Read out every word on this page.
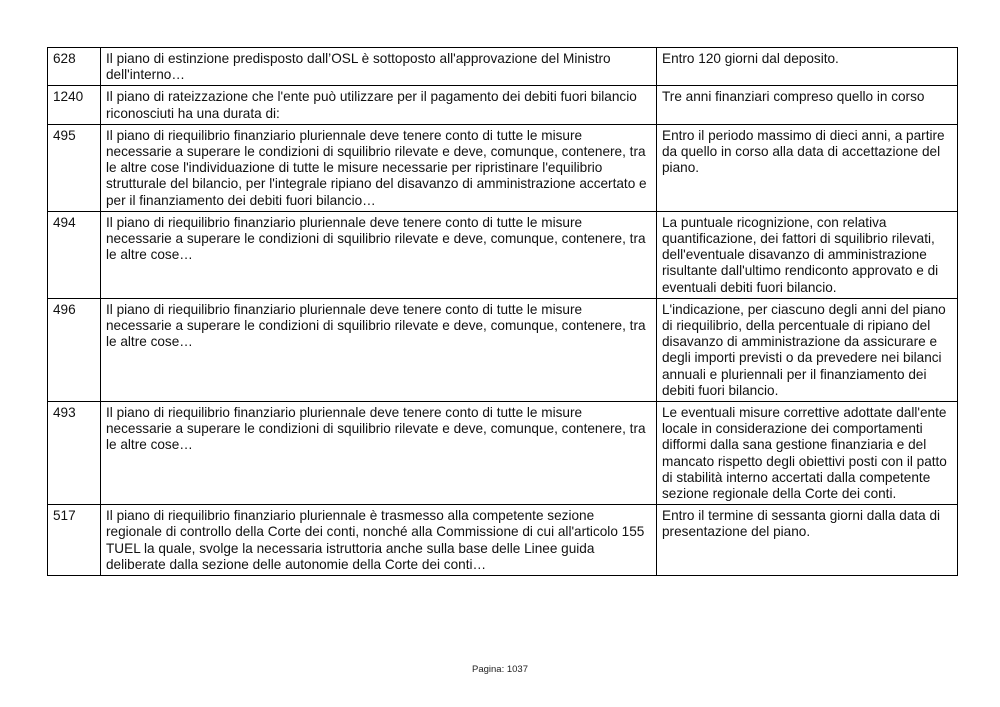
628	Il piano di estinzione predisposto dall’OSL è sottoposto all'approvazione del Ministro dell'interno…	Entro 120 giorni dal deposito.
1240	Il piano di rateizzazione che l'ente può utilizzare per il pagamento dei debiti fuori bilancio riconosciuti ha una durata di:	Tre anni finanziari compreso quello in corso
495	Il piano di riequilibrio finanziario pluriennale deve tenere conto di tutte le misure necessarie a superare le condizioni di squilibrio rilevate e deve, comunque, contenere, tra le altre cose l'individuazione di tutte le misure necessarie per ripristinare l'equilibrio strutturale del bilancio, per l'integrale ripiano del disavanzo di amministrazione accertato e per il finanziamento dei debiti fuori bilancio…	Entro il periodo massimo di dieci anni, a partire da quello in corso alla data di accettazione del piano.
494	Il piano di riequilibrio finanziario pluriennale deve tenere conto di tutte le misure necessarie a superare le condizioni di squilibrio rilevate e deve, comunque, contenere, tra le altre cose…	La puntuale ricognizione, con relativa quantificazione, dei fattori di squilibrio rilevati, dell'eventuale disavanzo di amministrazione risultante dall'ultimo rendiconto approvato e di eventuali debiti fuori bilancio.
496	Il piano di riequilibrio finanziario pluriennale deve tenere conto di tutte le misure necessarie a superare le condizioni di squilibrio rilevate e deve, comunque, contenere, tra le altre cose…	L'indicazione, per ciascuno degli anni del piano di riequilibrio, della percentuale di ripiano del disavanzo di amministrazione da assicurare e degli importi previsti o da prevedere nei bilanci annuali e pluriennali per il finanziamento dei debiti fuori bilancio.
493	Il piano di riequilibrio finanziario pluriennale deve tenere conto di tutte le misure necessarie a superare le condizioni di squilibrio rilevate e deve, comunque, contenere, tra le altre cose…	Le eventuali misure correttive adottate dall'ente locale in considerazione dei comportamenti difformi dalla sana gestione finanziaria e del mancato rispetto degli obiettivi posti con il patto di stabilità interno accertati dalla competente sezione regionale della Corte dei conti.
517	Il piano di riequilibrio finanziario pluriennale è trasmesso alla competente sezione regionale di controllo della Corte dei conti, nonché alla Commissione di cui all'articolo 155 TUEL la quale, svolge la necessaria istruttoria anche sulla base delle Linee guida deliberate dalla sezione delle autonomie della Corte dei conti…	Entro il termine di sessanta giorni dalla data di presentazione del piano.
Pagina: 1037
